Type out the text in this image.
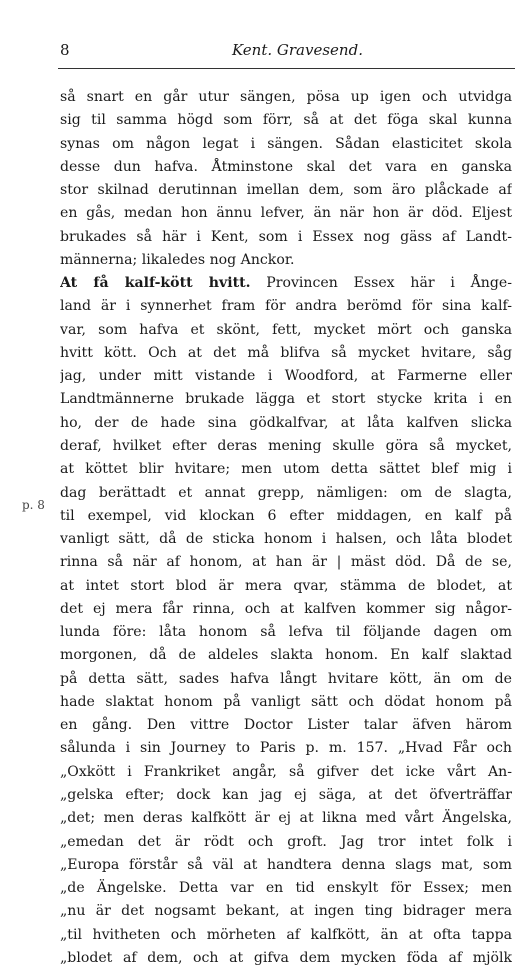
8	Kent. Gravesend.
p. 8
så snart en går utur sängen, pösa up igen och utvidga
sig til samma högd som förr, så at det föga skal kunna
synas om någon legat i sängen. Sådan elasticitet skola
desse dun hafva. Åtminstone skal det vara en ganska
stor skilnad derutinnan imellan dem, som äro plåckade af
en gås, medan hon ännu lefver, än när hon är död. Eljest
brukades så här i Kent, som i Essex nog gäss af Landt-
männerna; likaledes nog Anckor.
At få kalf-kött hvitt. Provincen Essex här i Ånge-
land är i synnerhet fram för andra berömd för sina kalf-
var, som hafva et skönt, fett, mycket mört och ganska
hvitt kött. Och at det må blifva så mycket hvitare, såg
jag, under mitt vistande i Woodford, at Farmerne eller
Landtmännerne brukade lägga et stort stycke krita i en
ho, der de hade sina gödkalfvar, at låta kalfven slicka
deraf, hvilket efter deras mening skulle göra så mycket,
at köttet blir hvitare; men utom detta sättet blef mig i
dag berättadt et annat grepp, nämligen: om de slagta,
til exempel, vid klockan 6 efter middagen, en kalf på
vanligt sätt, då de sticka honom i halsen, och låta blodet
rinna så när af honom, at han är | mäst död. Då de se,
at intet stort blod är mera qvar, stämma de blodet, at
det ej mera får rinna, och at kalfven kommer sig någor-
lunda före: låta honom så lefva til följande dagen om
morgonen, då de aldeles slakta honom. En kalf slaktad
på detta sätt, sades hafva långt hvitare kött, än om de
hade slaktat honom på vanligt sätt och dödat honom på
en gång. Den vittre Doctor Lister talar äfven härom
sålunda i sin Journey to Paris p. m. 157. „Hvad Får och
„Oxkött i Frankriket angår, så gifver det icke vårt An-
„gelska efter; dock kan jag ej säga, at det öfverträffar
„det; men deras kalfkött är ej at likna med vårt Ängelska,
„emedan det är rödt och groft. Jag tror intet folk i
„Europa förstår så väl at handtera denna slags mat, som
„de Ängelske. Detta var en tid enskylt för Essex; men
„nu är det nogsamt bekant, at ingen ting bidrager mera
„til hvitheten och mörheten af kalfkött, än at ofta tappa
„blodet af dem, och at gifva dem mycken föda af mjölk
